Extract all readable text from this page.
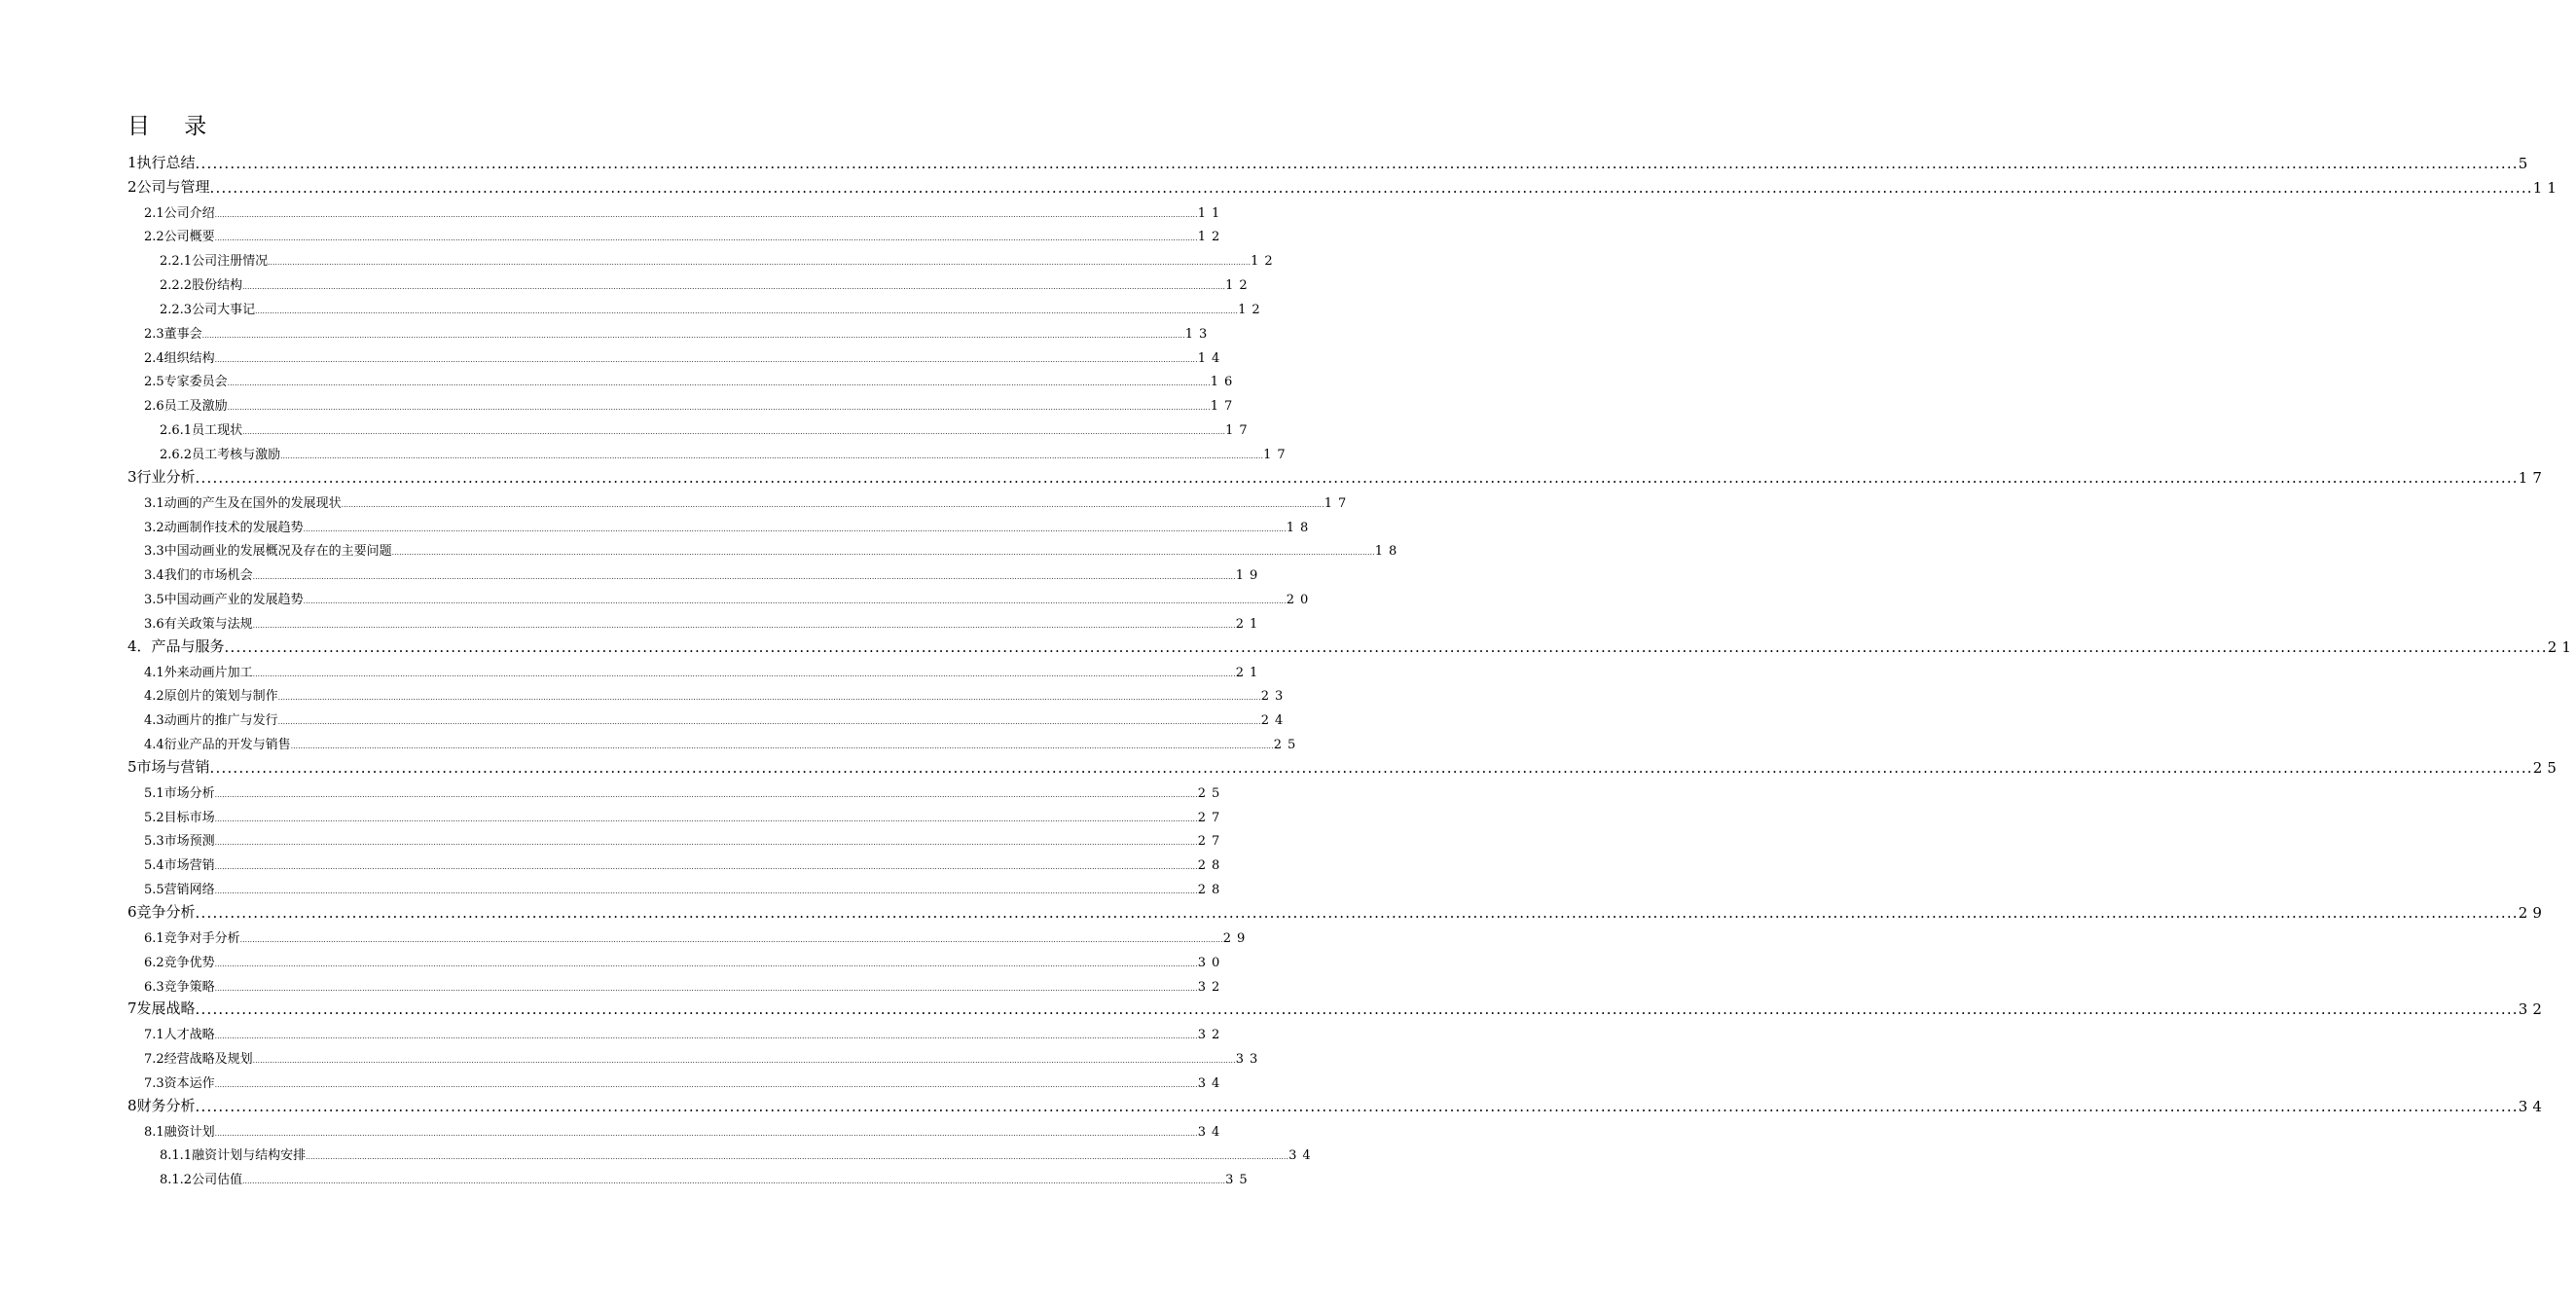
目 录
1执行总结 ................................................................................................................................................................................................................................................................................................................................................................................................................ 5
2公司与管理 ................................................................................................................................................................................................................................................................................................................................................................................................................ 11
2.1公司介绍 ................................................................................................................................................................................................................................................................................................................................................................................................................ 11
2.2公司概要 ................................................................................................................................................................................................................................................................................................................................................................................................................ 12
2.2.1公司注册情况 ................................................................................................................................................................................................................................................................................................................................................................................................................ 12
2.2.2股份结构 ................................................................................................................................................................................................................................................................................................................................................................................................................ 12
2.2.3公司大事记 ................................................................................................................................................................................................................................................................................................................................................................................................................ 12
2.3董事会 ................................................................................................................................................................................................................................................................................................................................................................................................................ 13
2.4组织结构 ................................................................................................................................................................................................................................................................................................................................................................................................................ 14
2.5专家委员会 ................................................................................................................................................................................................................................................................................................................................................................................................................ 16
2.6员工及激励 ................................................................................................................................................................................................................................................................................................................................................................................................................ 17
2.6.1员工现状 ................................................................................................................................................................................................................................................................................................................................................................................................................ 17
2.6.2员工考核与激励 ................................................................................................................................................................................................................................................................................................................................................................................................................ 17
3行业分析 ................................................................................................................................................................................................................................................................................................................................................................................................................ 17
3.1动画的产生及在国外的发展现状 ................................................................................................................................................................................................................................................................................................................................................................................................................ 17
3.2动画制作技术的发展趋势 ................................................................................................................................................................................................................................................................................................................................................................................................................ 18
3.3中国动画业的发展概况及存在的主要问题 ................................................................................................................................................................................................................................................................................................................................................................................................................ 18
3.4我们的市场机会 ................................................................................................................................................................................................................................................................................................................................................................................................................ 19
3.5中国动画产业的发展趋势 ................................................................................................................................................................................................................................................................................................................................................................................................................ 20
3.6有关政策与法规 ................................................................................................................................................................................................................................................................................................................................................................................................................ 21
4．产品与服务 ................................................................................................................................................................................................................................................................................................................................................................................................................ 21
4.1外来动画片加工 ................................................................................................................................................................................................................................................................................................................................................................................................................ 21
4.2原创片的策划与制作 ................................................................................................................................................................................................................................................................................................................................................................................................................ 23
4.3动画片的推广与发行 ................................................................................................................................................................................................................................................................................................................................................................................................................ 24
4.4衍业产品的开发与销售 ................................................................................................................................................................................................................................................................................................................................................................................................................ 25
5市场与营销 ................................................................................................................................................................................................................................................................................................................................................................................................................ 25
5.1市场分析 ................................................................................................................................................................................................................................................................................................................................................................................................................ 25
5.2目标市场 ................................................................................................................................................................................................................................................................................................................................................................................................................ 27
5.3市场预测 ................................................................................................................................................................................................................................................................................................................................................................................................................ 27
5.4市场营销 ................................................................................................................................................................................................................................................................................................................................................................................................................ 28
5.5营销网络 ................................................................................................................................................................................................................................................................................................................................................................................................................ 28
6竞争分析 ................................................................................................................................................................................................................................................................................................................................................................................................................ 29
6.1竞争对手分析 ................................................................................................................................................................................................................................................................................................................................................................................................................ 29
6.2竞争优势 ................................................................................................................................................................................................................................................................................................................................................................................................................ 30
6.3竞争策略 ................................................................................................................................................................................................................................................................................................................................................................................................................ 32
7发展战略 ................................................................................................................................................................................................................................................................................................................................................................................................................ 32
7.1人才战略 ................................................................................................................................................................................................................................................................................................................................................................................................................ 32
7.2经营战略及规划 ................................................................................................................................................................................................................................................................................................................................................................................................................ 33
7.3资本运作 ................................................................................................................................................................................................................................................................................................................................................................................................................ 34
8财务分析 ................................................................................................................................................................................................................................................................................................................................................................................................................ 34
8.1融资计划 ................................................................................................................................................................................................................................................................................................................................................................................................................ 34
8.1.1融资计划与结构安排 ................................................................................................................................................................................................................................................................................................................................................................................................................ 34
8.1.2公司估值 ................................................................................................................................................................................................................................................................................................................................................................................................................ 35
